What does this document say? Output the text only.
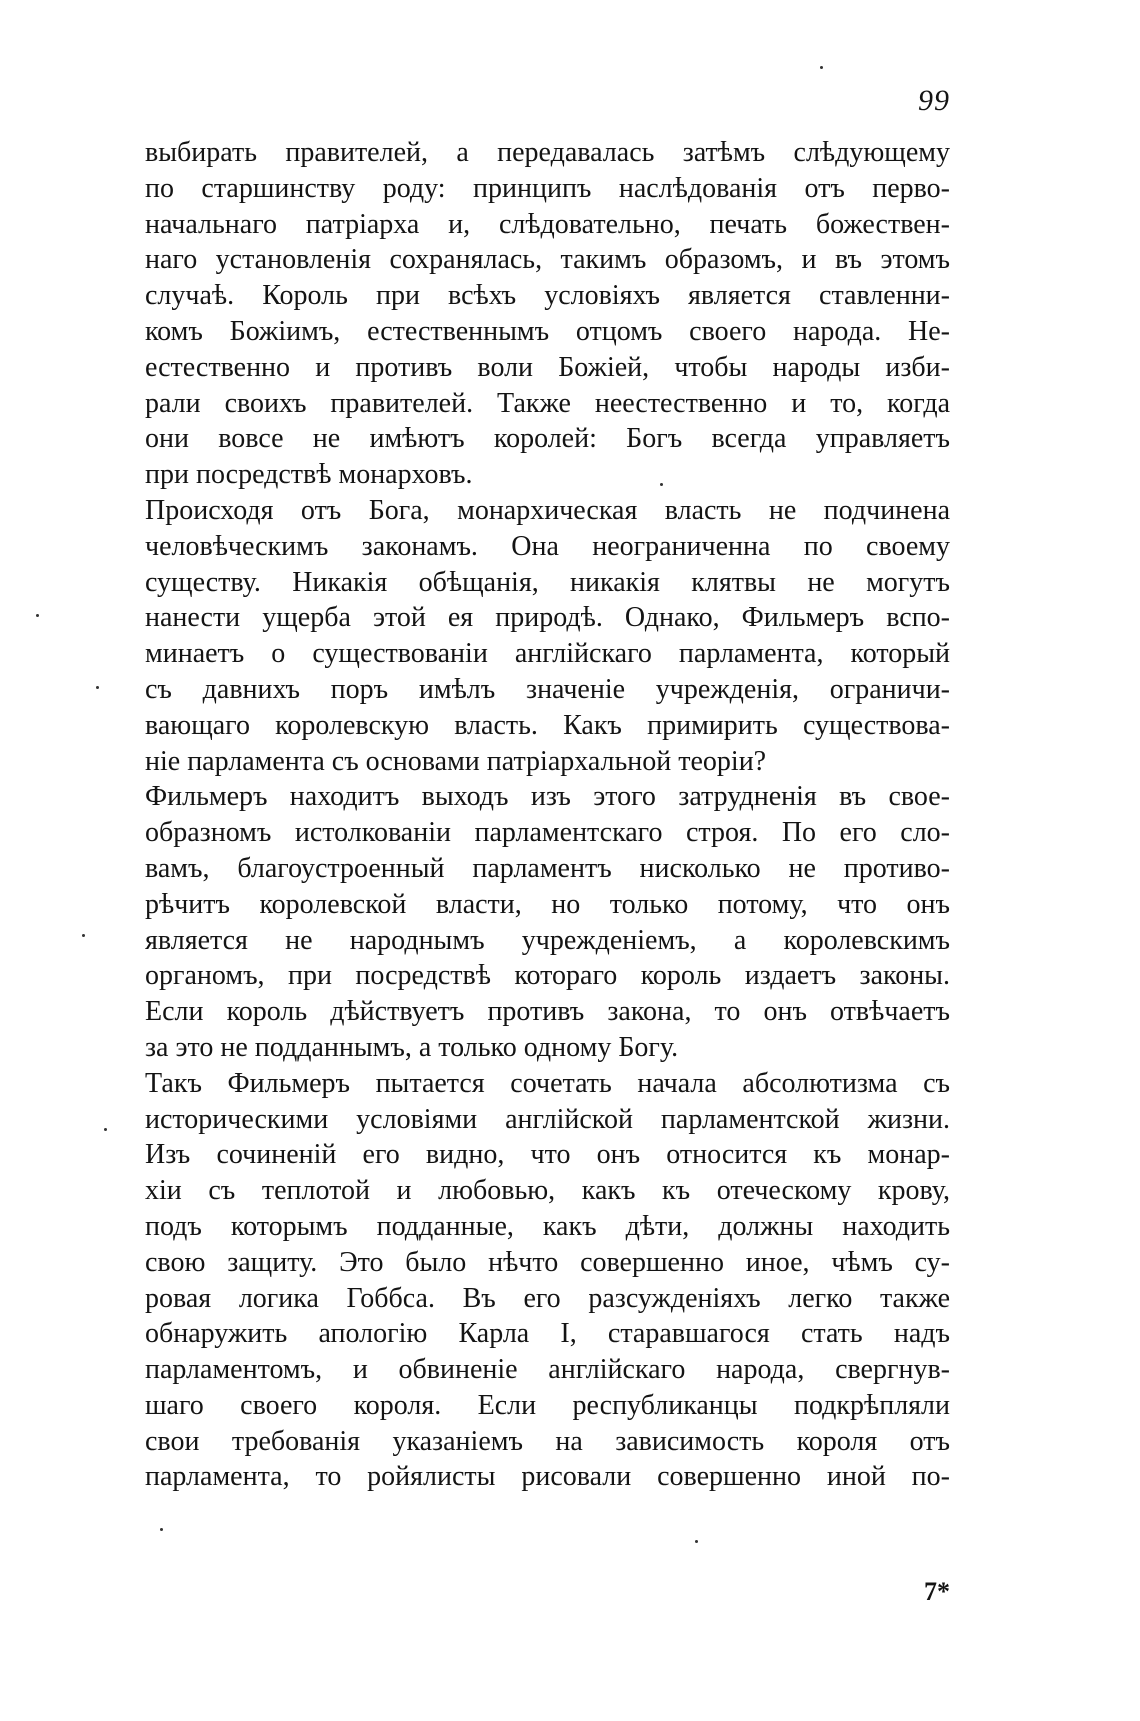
99
выбирать правителей, а передавалась затѣмъ слѣдующему
по старшинству роду: принципъ наслѣдованія отъ перво-
начальнаго патріарха и, слѣдовательно, печать божествен-
наго установленія сохранялась, такимъ образомъ, и въ этомъ
случаѣ. Король при всѣхъ условіяхъ является ставленни-
комъ Божіимъ, естественнымъ отцомъ своего народа. Не-
естественно и противъ воли Божіей, чтобы народы изби-
рали своихъ правителей. Также неестественно и то, когда
они вовсе не имѣютъ королей: Богъ всегда управляетъ
при посредствѣ монарховъ.
Происходя отъ Бога, монархическая власть не подчинена
человѣческимъ законамъ. Она неограниченна по своему
существу. Никакія обѣщанія, никакія клятвы не могутъ
нанести ущерба этой ея природѣ. Однако, Фильмеръ вспо-
минаетъ о существованіи англійскаго парламента, который
съ давнихъ поръ имѣлъ значеніе учрежденія, ограничи-
вающаго королевскую власть. Какъ примирить существова-
ніе парламента съ основами патріархальной теоріи?
Фильмеръ находитъ выходъ изъ этого затрудненія въ свое-
образномъ истолкованіи парламентскаго строя. По его сло-
вамъ, благоустроенный парламентъ нисколько не противо-
рѣчитъ королевской власти, но только потому, что онъ
является не народнымъ учрежденіемъ, а королевскимъ
органомъ, при посредствѣ котораго король издаетъ законы.
Если король дѣйствуетъ противъ закона, то онъ отвѣчаетъ
за это не подданнымъ, а только одному Богу.
Такъ Фильмеръ пытается сочетать начала абсолютизма съ
историческими условіями англійской парламентской жизни.
Изъ сочиненій его видно, что онъ относится къ монар-
хіи съ теплотой и любовью, какъ къ отеческому крову,
подъ которымъ подданные, какъ дѣти, должны находить
свою защиту. Это было нѣчто совершенно иное, чѣмъ су-
ровая логика Гоббса. Въ его разсужденіяхъ легко также
обнаружить апологію Карла I, старавшагося стать надъ
парламентомъ, и обвиненіе англійскаго народа, свергнув-
шаго своего короля. Если республиканцы подкрѣпляли
свои требованія указаніемъ на зависимость короля отъ
парламента, то ройялисты рисовали совершенно иной по-
7*
